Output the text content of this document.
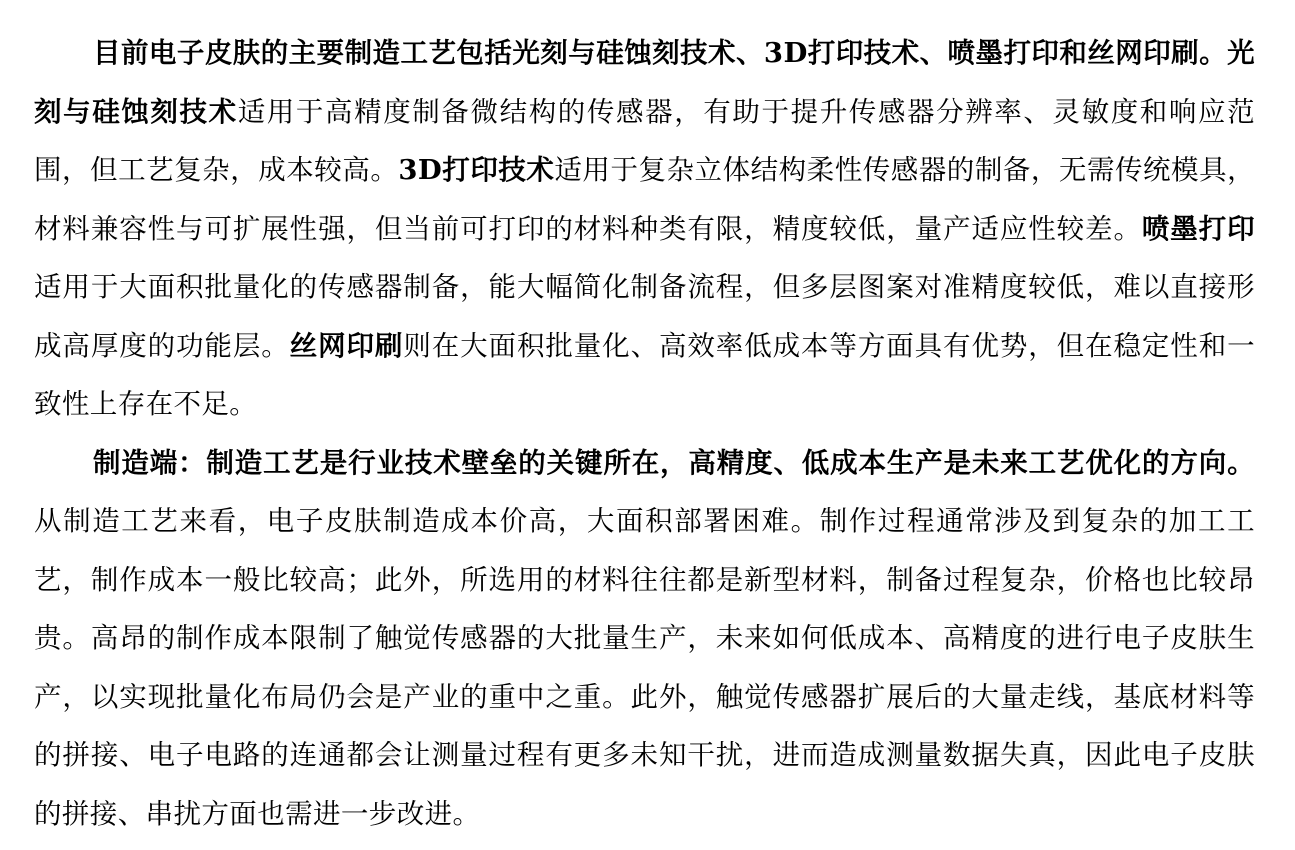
目前电子皮肤的主要制造工艺包括光刻与硅蚀刻技术、3D打印技术、喷墨打印和丝网印刷。光刻与硅蚀刻技术适用于高精度制备微结构的传感器，有助于提升传感器分辨率、灵敏度和响应范围，但工艺复杂，成本较高。3D打印技术适用于复杂立体结构柔性传感器的制备，无需传统模具，材料兼容性与可扩展性强，但当前可打印的材料种类有限，精度较低，量产适应性较差。喷墨打印适用于大面积批量化的传感器制备，能大幅简化制备流程，但多层图案对准精度较低，难以直接形成高厚度的功能层。丝网印刷则在大面积批量化、高效率低成本等方面具有优势，但在稳定性和一致性上存在不足。

制造端：制造工艺是行业技术壁垒的关键所在，高精度、低成本生产是未来工艺优化的方向。从制造工艺来看，电子皮肤制造成本价高，大面积部署困难。制作过程通常涉及到复杂的加工工艺，制作成本一般比较高；此外，所选用的材料往往都是新型材料，制备过程复杂，价格也比较昂贵。高昂的制作成本限制了触觉传感器的大批量生产，未来如何低成本、高精度的进行电子皮肤生产，以实现批量化布局仍会是产业的重中之重。此外，触觉传感器扩展后的大量走线，基底材料等的拼接、电子电路的连通都会让测量过程有更多未知干扰，进而造成测量数据失真，因此电子皮肤的拼接、串扰方面也需进一步改进。
